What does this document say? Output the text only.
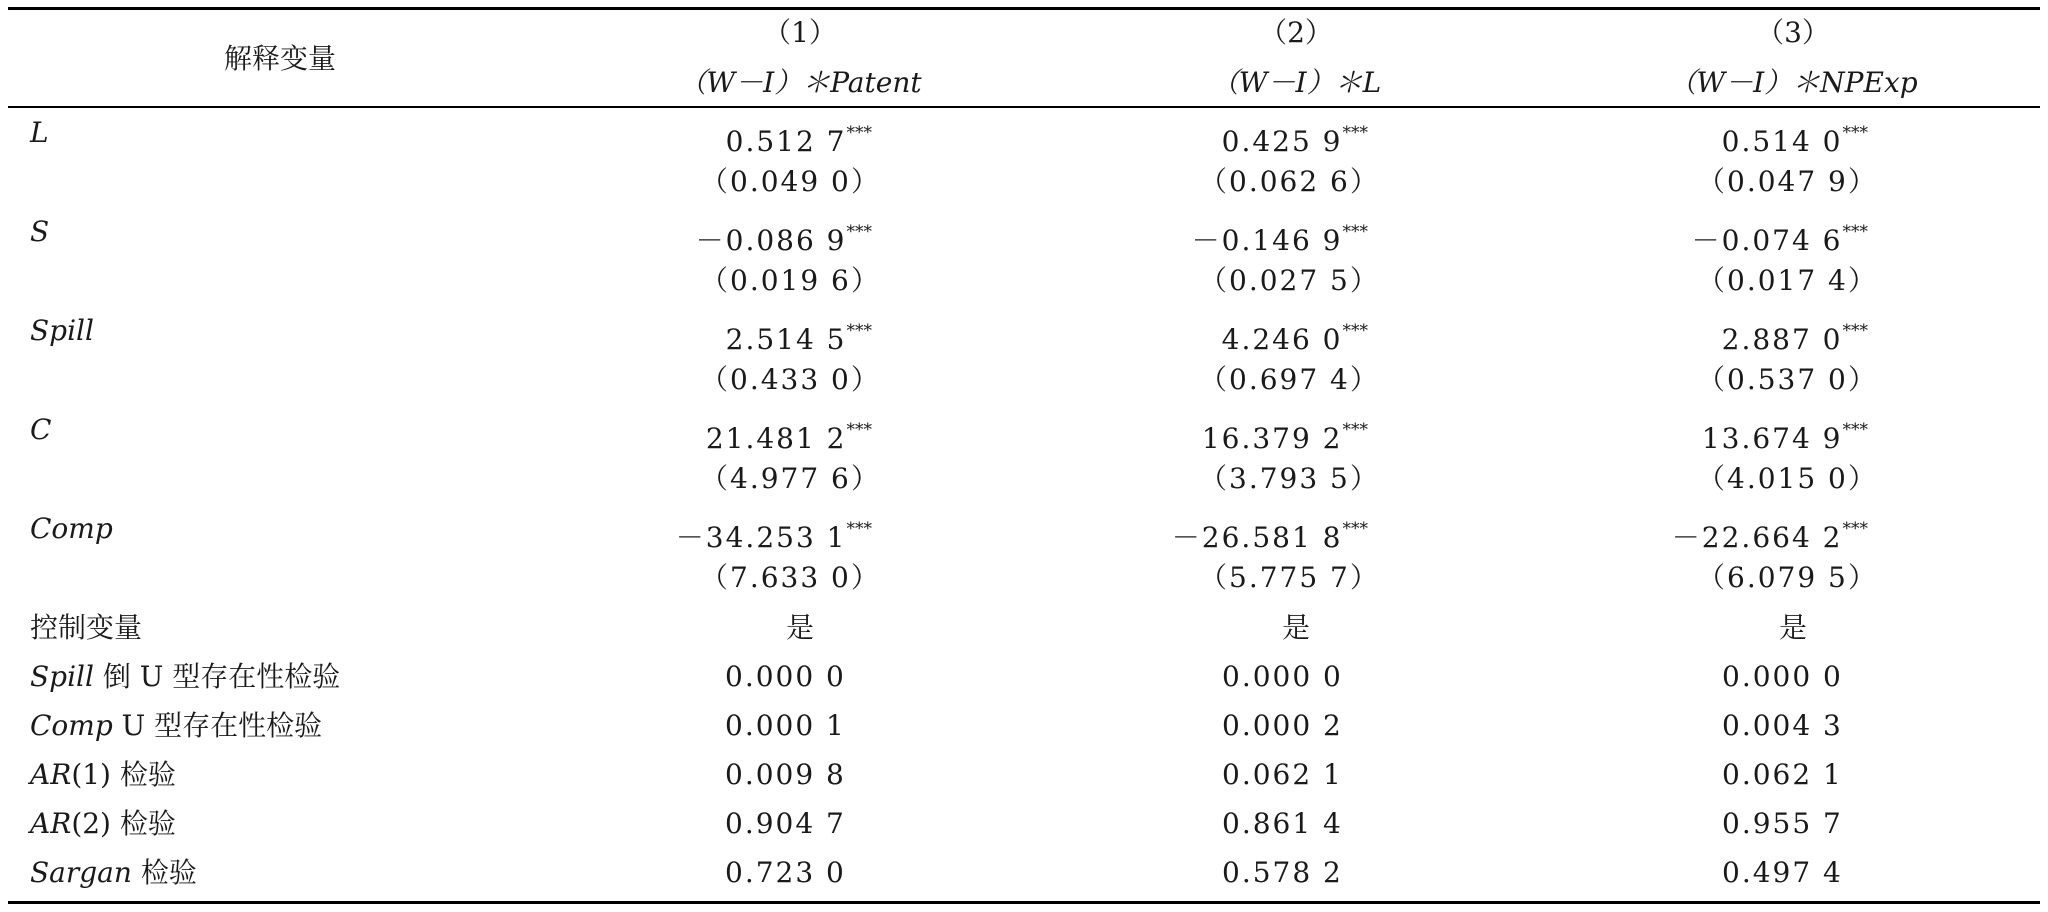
解释变量
（1）	（2）	（3）
（W－I）＊Patent	（W－I）＊L	（W－I）＊NPExp
L	0.512 7***	0.425 9***	0.514 0***
（0.049 0）	（0.062 6）	（0.047 9）
S	－0.086 9***	－0.146 9***	－0.074 6***
（0.019 6）	（0.027 5）	（0.017 4）
Spill	2.514 5***	4.246 0***	2.887 0***
（0.433 0）	（0.697 4）	（0.537 0）
C	21.481 2***	16.379 2***	13.674 9***
（4.977 6）	（3.793 5）	（4.015 0）
Comp	－34.253 1***	－26.581 8***	－22.664 2***
（7.633 0）	（5.775 7）	（6.079 5）
控制变量	是	是	是
Spill 倒 U 型存在性检验	0.000 0	0.000 0	0.000 0
Comp U 型存在性检验	0.000 1	0.000 2	0.004 3
AR(1) 检验	0.009 8	0.062 1	0.062 1
AR(2) 检验	0.904 7	0.861 4	0.955 7
Sargan 检验	0.723 0	0.578 2	0.497 4
